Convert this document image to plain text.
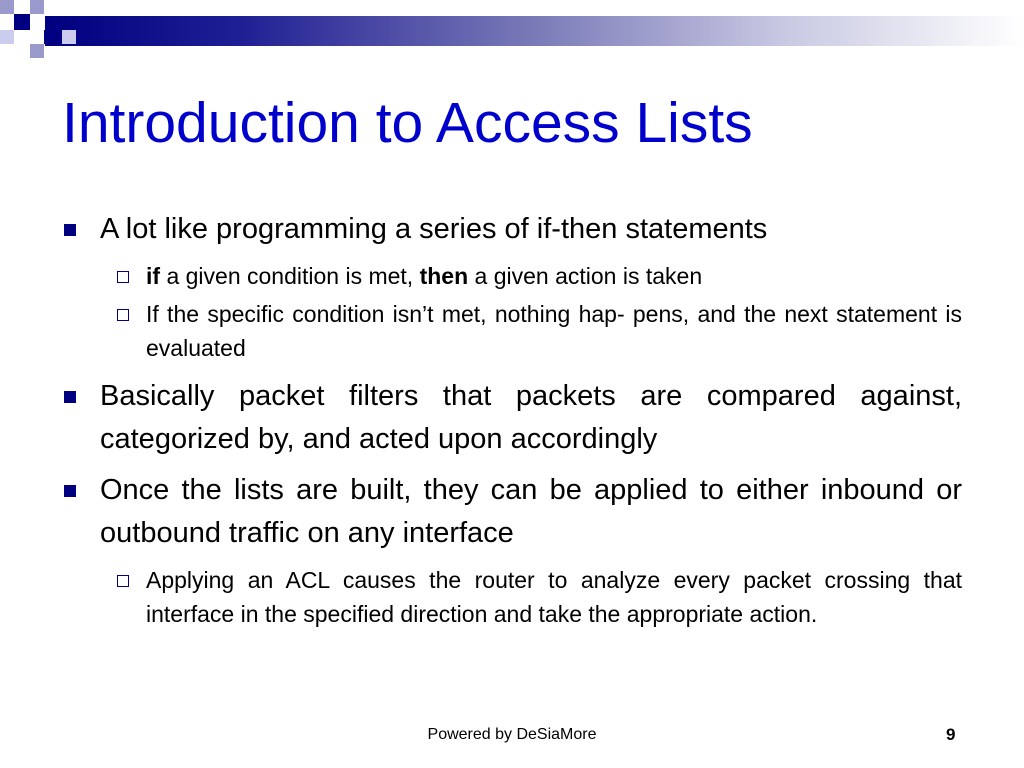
Introduction to Access Lists
A lot like programming a series of if-then statements
if a given condition is met, then a given action is taken
If the specific condition isn’t met, nothing hap- pens, and the next statement is evaluated
Basically packet filters that packets are compared against, categorized by, and acted upon accordingly
Once the lists are built, they can be applied to either inbound or outbound traffic on any interface
Applying an ACL causes the router to analyze every packet crossing that interface in the specified direction and take the appropriate action.
Powered by DeSiaMore	9
